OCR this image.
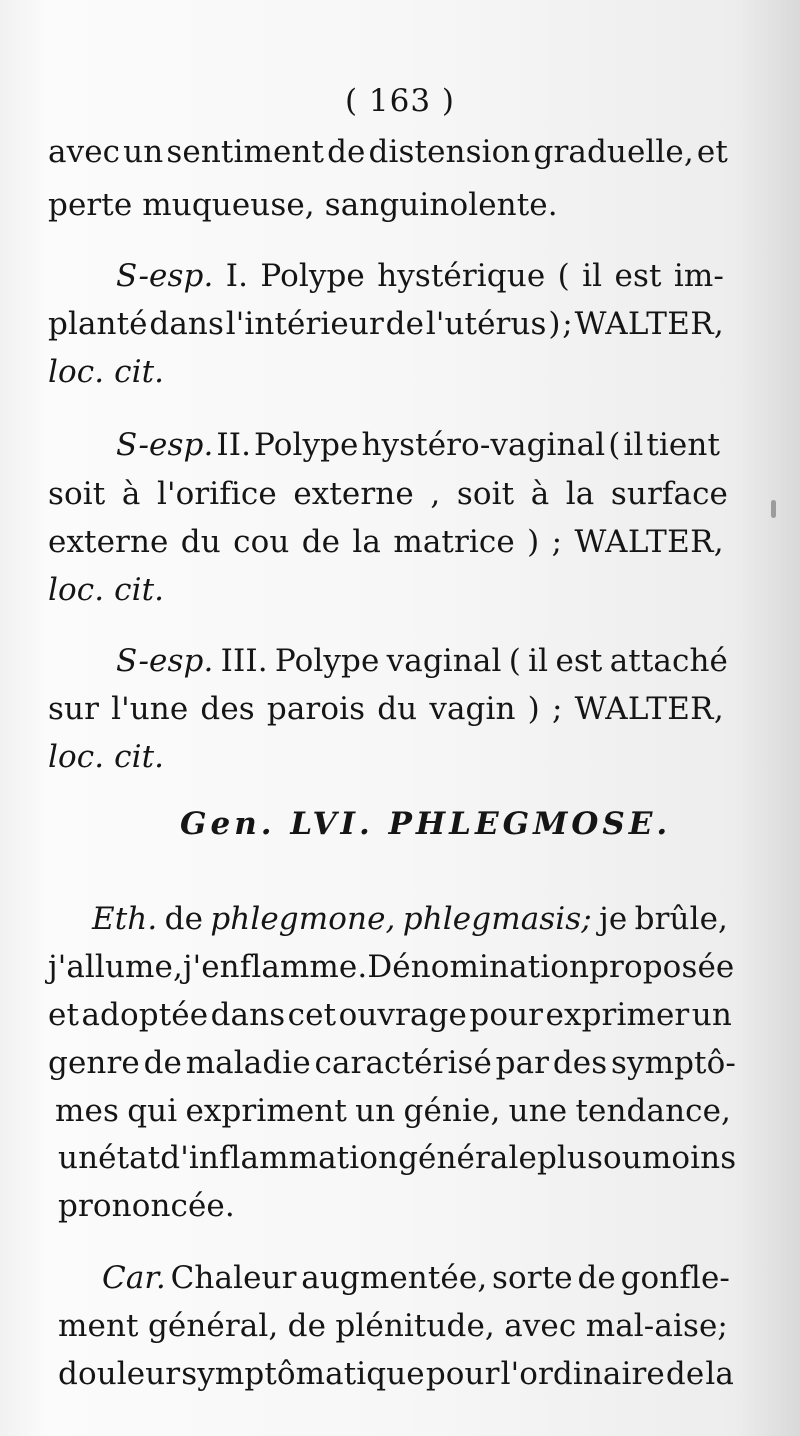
( 163 )
avec un sentiment de distension graduelle, et
perte muqueuse, sanguinolente.
S-esp. I. Polype hystérique ( il est im-
planté dans l'intérieur de l'utérus ) ; WALTER,
loc. cit.
S-esp. II. Polype hystéro-vaginal ( il tient
soit à l'orifice externe , soit à la surface
externe du cou de la matrice ) ; WALTER,
loc. cit.
S-esp. III. Polype vaginal ( il est attaché
sur l'une des parois du vagin ) ; WALTER,
loc. cit.
Gen. LVI. PHLEGMOSE.
Eth. de phlegmone, phlegmasis; je brûle,
j'allume, j'enflamme. Dénomination proposée
et adoptée dans cet ouvrage pour exprimer un
genre de maladie caractérisé par des symptô-
mes qui expriment un génie, une tendance,
un état d'inflammation générale plus ou moins
prononcée.
Car. Chaleur augmentée, sorte de gonfle-
ment général, de plénitude, avec mal-aise;
douleur symptômatique pour l'ordinaire de la
